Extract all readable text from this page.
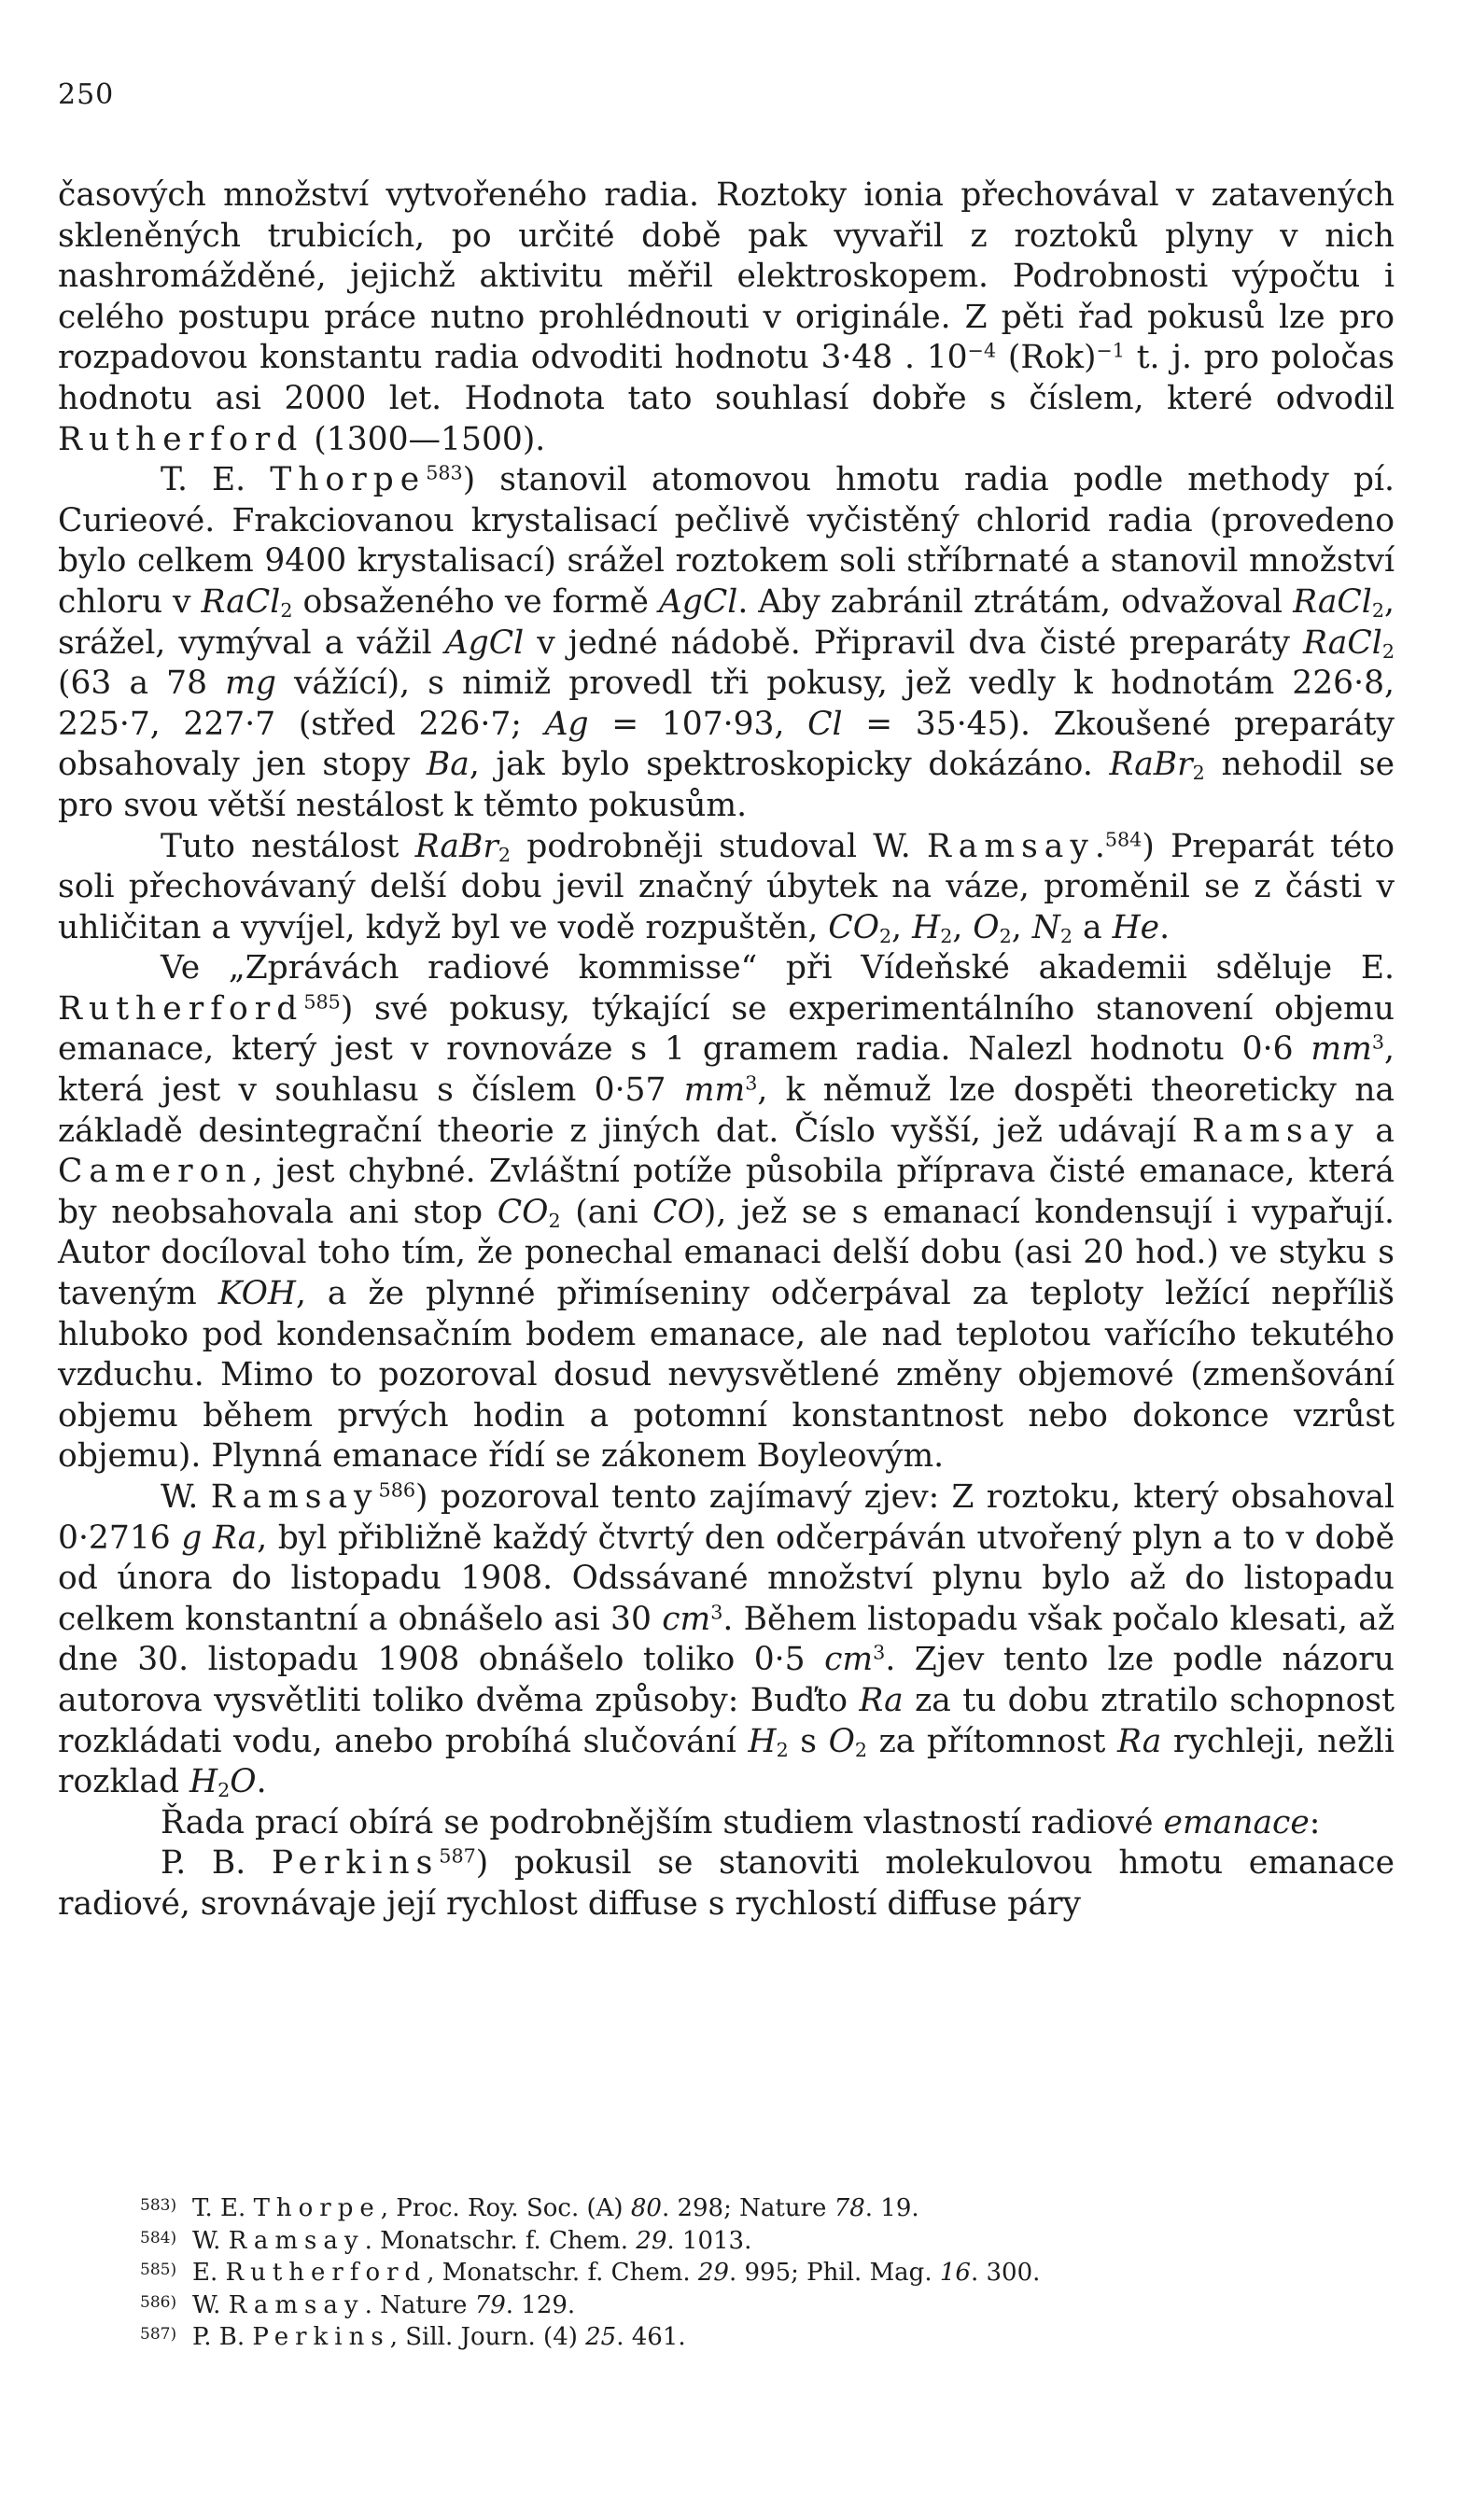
250

časových množství vytvořeného radia. Roztoky ionia přechovával v zatavených skleněných trubicích, po určité době pak vyvařil z roztoků plyny v nich nashromážděné, jejichž aktivitu měřil elektroskopem. Podrobnosti výpočtu i celého postupu práce nutno prohlédnouti v originále. Z pěti řad pokusů lze pro rozpadovou konstantu radia odvoditi hodnotu 3·48 . $10^{-4}$ (Rok)$^{-1}$ t. j. pro poločas hodnotu asi 2000 let. Hodnota tato souhlasí dobře s číslem, které odvodil Rutherford (1300—1500).

T. E. Thorpe$^{583}$) stanovil atomovou hmotu radia podle methody pí. Curieové. Frakciovanou krystalisací pečlivě vyčistěný chlorid radia (provedeno bylo celkem 9400 krystalisací) srážel roztokem soli stříbrnaté a stanovil množství chloru v RaCl$_2$ obsaženého ve formě AgCl. Aby zabránil ztrátám, odvažoval RaCl$_2$, srážel, vymýval a vážil AgCl v jedné nádobě. Připravil dva čisté preparáty RaCl$_2$ (63 a 78 mg vážící), s nimiž provedl tři pokusy, jež vedly k hodnotám 226·8, 225·7, 227·7 (střed 226·7; Ag = 107·93, Cl = 35·45). Zkoušené preparáty obsahovaly jen stopy Ba, jak bylo spektroskopicky dokázáno. RaBr$_2$ nehodil se pro svou větší nestálost k těmto pokusům.

Tuto nestálost RaBr$_2$ podrobněji studoval W. Ramsay.$^{584}$) Preparát této soli přechovávaný delší dobu jevil značný úbytek na váze, proměnil se z části v uhličitan a vyvíjel, když byl ve vodě rozpuštěn, $CO_2$, $H_2$, $O_2$, $N_2$ a He.

Ve „Zprávách radiové kommisse“ při Vídeňské akademii sděluje E. Rutherford$^{585}$) své pokusy, týkající se experimentálního stanovení objemu emanace, který jest v rovnováze s 1 gramem radia. Nalezl hodnotu 0·6 $mm^3$, která jest v souhlasu s číslem 0·57 $mm^3$, k němuž lze dospěti theoreticky na základě desintegrační theorie z jiných dat. Číslo vyšší, jež udávají Ramsay a Cameron, jest chybné. Zvláštní potíže působila příprava čisté emanace, která by neobsahovala ani stop $CO_2$ (ani CO), jež se s emanací kondensují i vypařují. Autor docíloval toho tím, že ponechal emanaci delší dobu (asi 20 hod.) ve styku s taveným KOH, a že plynné přimíseniny odčerpával za teploty ležící nepříliš hluboko pod kondensačním bodem emanace, ale nad teplotou vařícího tekutého vzduchu. Mimo to pozoroval dosud nevysvětlené změny objemové (zmenšování objemu během prvých hodin a potomní konstantnost nebo dokonce vzrůst objemu). Plynná emanace řídí se zákonem Boyleovým.

W. Ramsay$^{586}$) pozoroval tento zajímavý zjev: Z roztoku, který obsahoval 0·2716 g Ra, byl přibližně každý čtvrtý den odčerpáván utvořený plyn a to v době od února do listopadu 1908. Odssávané množství plynu bylo až do listopadu celkem konstantní a obnášelo asi 30 $cm^3$. Během listopadu však počalo klesati, až dne 30. listopadu 1908 obnášelo toliko 0·5 $cm^3$. Zjev tento lze podle názoru autorova vysvětliti toliko dvěma způsoby: Buďto Ra za tu dobu ztratilo schopnost rozkládati vodu, anebo probíhá slučování $H_2$ s $O_2$ za přítomnost Ra rychleji, nežli rozklad $H_2O$.

Řada prací obírá se podrobnějším studiem vlastností radiové emanace:

P. B. Perkins$^{587}$) pokusil se stanoviti molekulovou hmotu emanace radiové, srovnávaje její rychlost diffuse s rychlostí diffuse páry

583) T. E. Thorpe, Proc. Roy. Soc. (A) 80. 298; Nature 78. 19.
584) W. Ramsay. Monatschr. f. Chem. 29. 1013.
585) E. Rutherford, Monatschr. f. Chem. 29. 995; Phil. Mag. 16. 300.
586) W. Ramsay. Nature 79. 129.
587) P. B. Perkins, Sill. Journ. (4) 25. 461.
